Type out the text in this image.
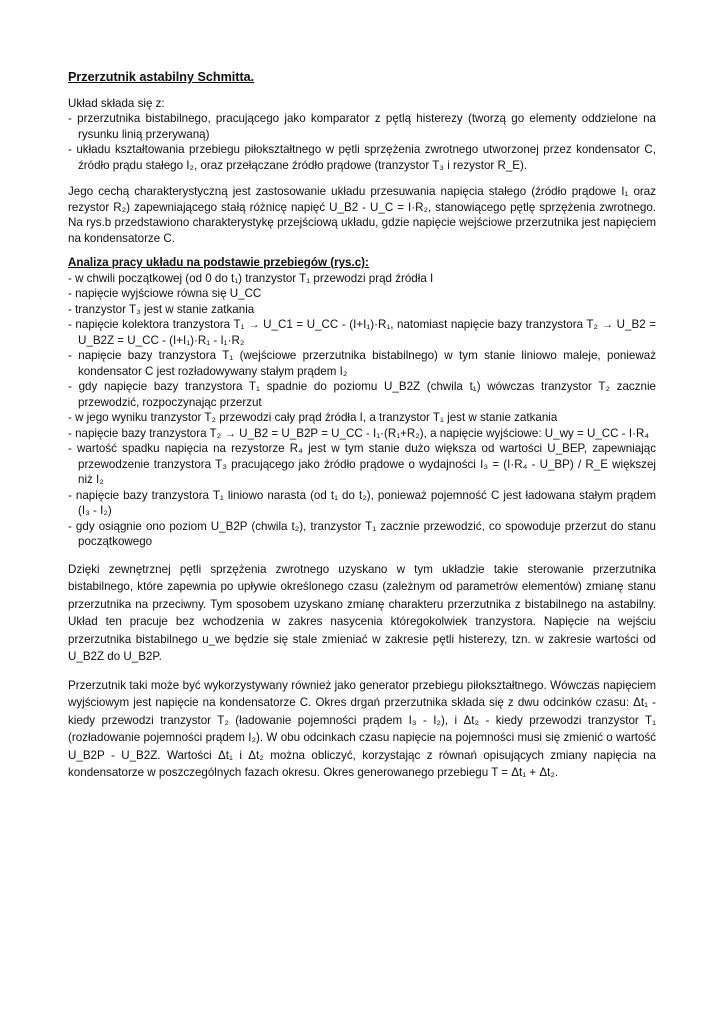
Przerzutnik astabilny Schmitta.

Układ składa się z:

- przerzutnika bistabilnego, pracującego jako komparator z pętlą histerezy (tworzą go elementy oddzielone na rysunku linią przerywaną)

- układu kształtowania przebiegu piłokształtnego w pętli sprzężenia zwrotnego utworzonej przez kondensator C, źródło prądu stałego I₂, oraz przełączane źródło prądowe (tranzystor T₃ i rezystor R_E).

Jego cechą charakterystyczną jest zastosowanie układu przesuwania napięcia stałego (źródło prądowe I₁ oraz rezystor R₂) zapewniającego stałą różnicę napięć U_B2 - U_C = I·R₂, stanowiącego pętlę sprzężenia zwrotnego. Na rys.b przedstawiono charakterystykę przejściową układu, gdzie napięcie wejściowe przerzutnika jest napięciem na kondensatorze C.

Analiza pracy układu na podstawie przebiegów (rys.c):

- w chwili początkowej (od 0 do t₁) tranzystor T₁ przewodzi prąd źródła I

- napięcie wyjściowe równa się U_CC

- tranzystor T₃ jest w stanie zatkania

- napięcie kolektora tranzystora T₁ → U_C1 = U_CC - (I+I₁)·R₁, natomiast napięcie bazy tranzystora T₂ → U_B2 = U_B2Z = U_CC - (I+I₁)·R₁ - I₁·R₂

- napięcie bazy tranzystora T₁ (wejściowe przerzutnika bistabilnego) w tym stanie liniowo maleje, ponieważ kondensator C jest rozładowywany stałym prądem I₂

- gdy napięcie bazy tranzystora T₁ spadnie do poziomu U_B2Z (chwila t₁) wówczas tranzystor T₂ zacznie przewodzić, rozpoczynając przerzut

- w jego wyniku tranzystor T₂ przewodzi cały prąd źródła I, a tranzystor T₁ jest w stanie zatkania

- napięcie bazy tranzystora T₂ → U_B2 = U_B2P = U_CC - I₁·(R₁+R₂), a napięcie wyjściowe: U_wy = U_CC - I·R₄

- wartość spadku napięcia na rezystorze R₄ jest w tym stanie dużo większa od wartości U_BEP, zapewniając przewodzenie tranzystora T₃ pracującego jako źródło prądowe o wydajności I₃ = (I·R₄ - U_BP) / R_E większej niż I₂

- napięcie bazy tranzystora T₁ liniowo narasta (od t₁ do t₂), ponieważ pojemność C jest ładowana stałym prądem (I₃ - I₂)

- gdy osiągnie ono poziom U_B2P (chwila t₂), tranzystor T₁ zacznie przewodzić, co spowoduje przerzut do stanu początkowego

Dzięki zewnętrznej pętli sprzężenia zwrotnego uzyskano w tym układzie takie sterowanie przerzutnika bistabilnego, które zapewnia po upływie określonego czasu (zależnym od parametrów elementów) zmianę stanu przerzutnika na przeciwny. Tym sposobem uzyskano zmianę charakteru przerzutnika z bistabilnego na astabilny. Układ ten pracuje bez wchodzenia w zakres nasycenia któregokolwiek tranzystora. Napięcie na wejściu przerzutnika bistabilnego u_we będzie się stale zmieniać w zakresie pętli histerezy, tzn. w zakresie wartości od U_B2Z do U_B2P.

Przerzutnik taki może być wykorzystywany również jako generator przebiegu piłokształtnego. Wówczas napięciem wyjściowym jest napięcie na kondensatorze C. Okres drgań przerzutnika składa się z dwu odcinków czasu: Δt₁ - kiedy przewodzi tranzystor T₂ (ładowanie pojemności prądem I₃ - I₂), i Δt₂ - kiedy przewodzi tranzystor T₁ (rozładowanie pojemności prądem I₂). W obu odcinkach czasu napięcie na pojemności musi się zmienić o wartość U_B2P - U_B2Z. Wartości Δt₁ i Δt₂ można obliczyć, korzystając z równań opisujących zmiany napięcia na kondensatorze w poszczególnych fazach okresu. Okres generowanego przebiegu T = Δt₁ + Δt₂.
